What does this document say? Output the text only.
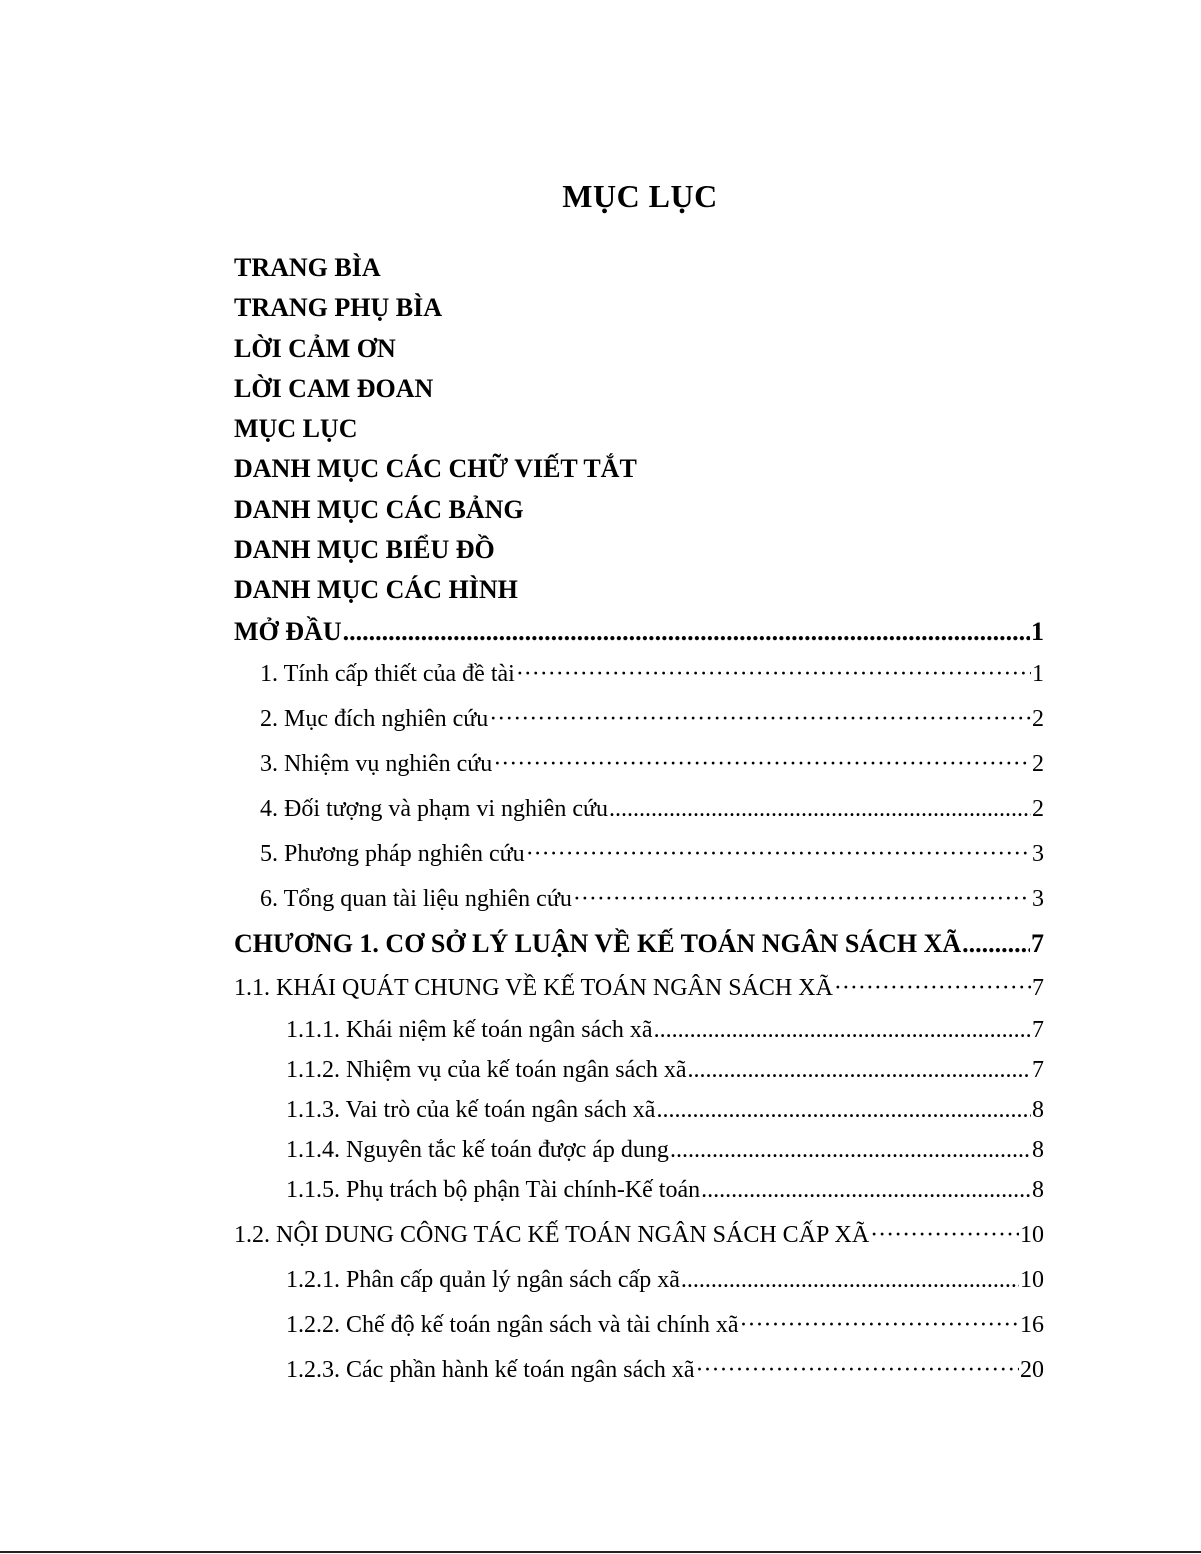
MỤC LỤC
TRANG BÌA
TRANG PHỤ BÌA
LỜI CẢM ƠN
LỜI CAM ĐOAN
MỤC LỤC
DANH MỤC CÁC CHỮ VIẾT TẮT
DANH MỤC CÁC BẢNG
DANH MỤC BIỂU ĐỒ
DANH MỤC CÁC HÌNH
MỞ ĐẦU .....	1
1. Tính cấp thiết của đề tài ·····	1
2. Mục đích nghiên cứu ·····	2
3. Nhiệm vụ nghiên cứu ·····	2
4. Đối tượng và phạm vi nghiên cứu .....	2
5. Phương pháp nghiên cứu ·····	3
6. Tổng quan tài liệu nghiên cứu ·····	3
CHƯƠNG 1. CƠ SỞ LÝ LUẬN VỀ KẾ TOÁN NGÂN SÁCH XÃ .....	7
1.1. KHÁI QUÁT CHUNG VỀ KẾ TOÁN NGÂN SÁCH XÃ ·····	7
1.1.1. Khái niệm kế toán ngân sách xã .....	7
1.1.2. Nhiệm vụ của kế toán ngân sách xã .....	7
1.1.3. Vai trò của kế toán ngân sách xã .....	8
1.1.4. Nguyên tắc kế toán được áp dung .....	8
1.1.5. Phụ trách bộ phận Tài chính-Kế toán .....	8
1.2. NỘI DUNG CÔNG TÁC KẾ TOÁN NGÂN SÁCH CẤP XÃ ·····	10
1.2.1. Phân cấp quản lý ngân sách cấp xã .....	10
1.2.2. Chế độ kế toán ngân sách và tài chính xã ·····	16
1.2.3. Các phần hành kế toán ngân sách xã ·····	20
